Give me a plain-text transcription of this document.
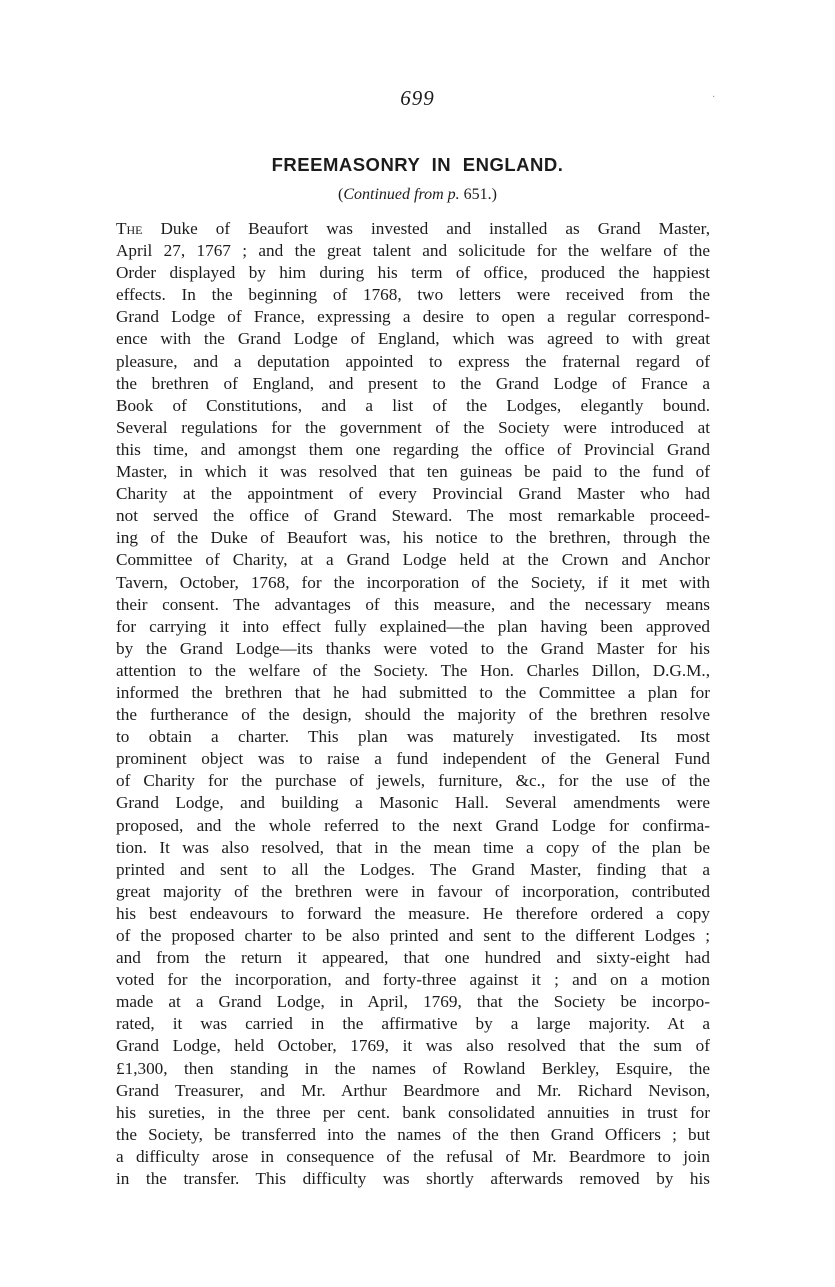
699	·
FREEMASONRY IN ENGLAND.
(Continued from p. 651.)
The Duke of Beaufort was invested and installed as Grand Master,
April 27, 1767 ; and the great talent and solicitude for the welfare of the
Order displayed by him during his term of office, produced the happiest
effects. In the beginning of 1768, two letters were received from the
Grand Lodge of France, expressing a desire to open a regular correspond-
ence with the Grand Lodge of England, which was agreed to with great
pleasure, and a deputation appointed to express the fraternal regard of
the brethren of England, and present to the Grand Lodge of France a
Book of Constitutions, and a list of the Lodges, elegantly bound.
Several regulations for the government of the Society were introduced at
this time, and amongst them one regarding the office of Provincial Grand
Master, in which it was resolved that ten guineas be paid to the fund of
Charity at the appointment of every Provincial Grand Master who had
not served the office of Grand Steward. The most remarkable proceed-
ing of the Duke of Beaufort was, his notice to the brethren, through the
Committee of Charity, at a Grand Lodge held at the Crown and Anchor
Tavern, October, 1768, for the incorporation of the Society, if it met with
their consent. The advantages of this measure, and the necessary means
for carrying it into effect fully explained—the plan having been approved
by the Grand Lodge—its thanks were voted to the Grand Master for his
attention to the welfare of the Society. The Hon. Charles Dillon, D.G.M.,
informed the brethren that he had submitted to the Committee a plan for
the furtherance of the design, should the majority of the brethren resolve
to obtain a charter. This plan was maturely investigated. Its most
prominent object was to raise a fund independent of the General Fund
of Charity for the purchase of jewels, furniture, &c., for the use of the
Grand Lodge, and building a Masonic Hall. Several amendments were
proposed, and the whole referred to the next Grand Lodge for confirma-
tion. It was also resolved, that in the mean time a copy of the plan be
printed and sent to all the Lodges. The Grand Master, finding that a
great majority of the brethren were in favour of incorporation, contributed
his best endeavours to forward the measure. He therefore ordered a copy
of the proposed charter to be also printed and sent to the different Lodges ;
and from the return it appeared, that one hundred and sixty-eight had
voted for the incorporation, and forty-three against it ; and on a motion
made at a Grand Lodge, in April, 1769, that the Society be incorpo-
rated, it was carried in the affirmative by a large majority. At a
Grand Lodge, held October, 1769, it was also resolved that the sum of
£1,300, then standing in the names of Rowland Berkley, Esquire, the
Grand Treasurer, and Mr. Arthur Beardmore and Mr. Richard Nevison,
his sureties, in the three per cent. bank consolidated annuities in trust for
the Society, be transferred into the names of the then Grand Officers ; but
a difficulty arose in consequence of the refusal of Mr. Beardmore to join
in the transfer. This difficulty was shortly afterwards removed by his
